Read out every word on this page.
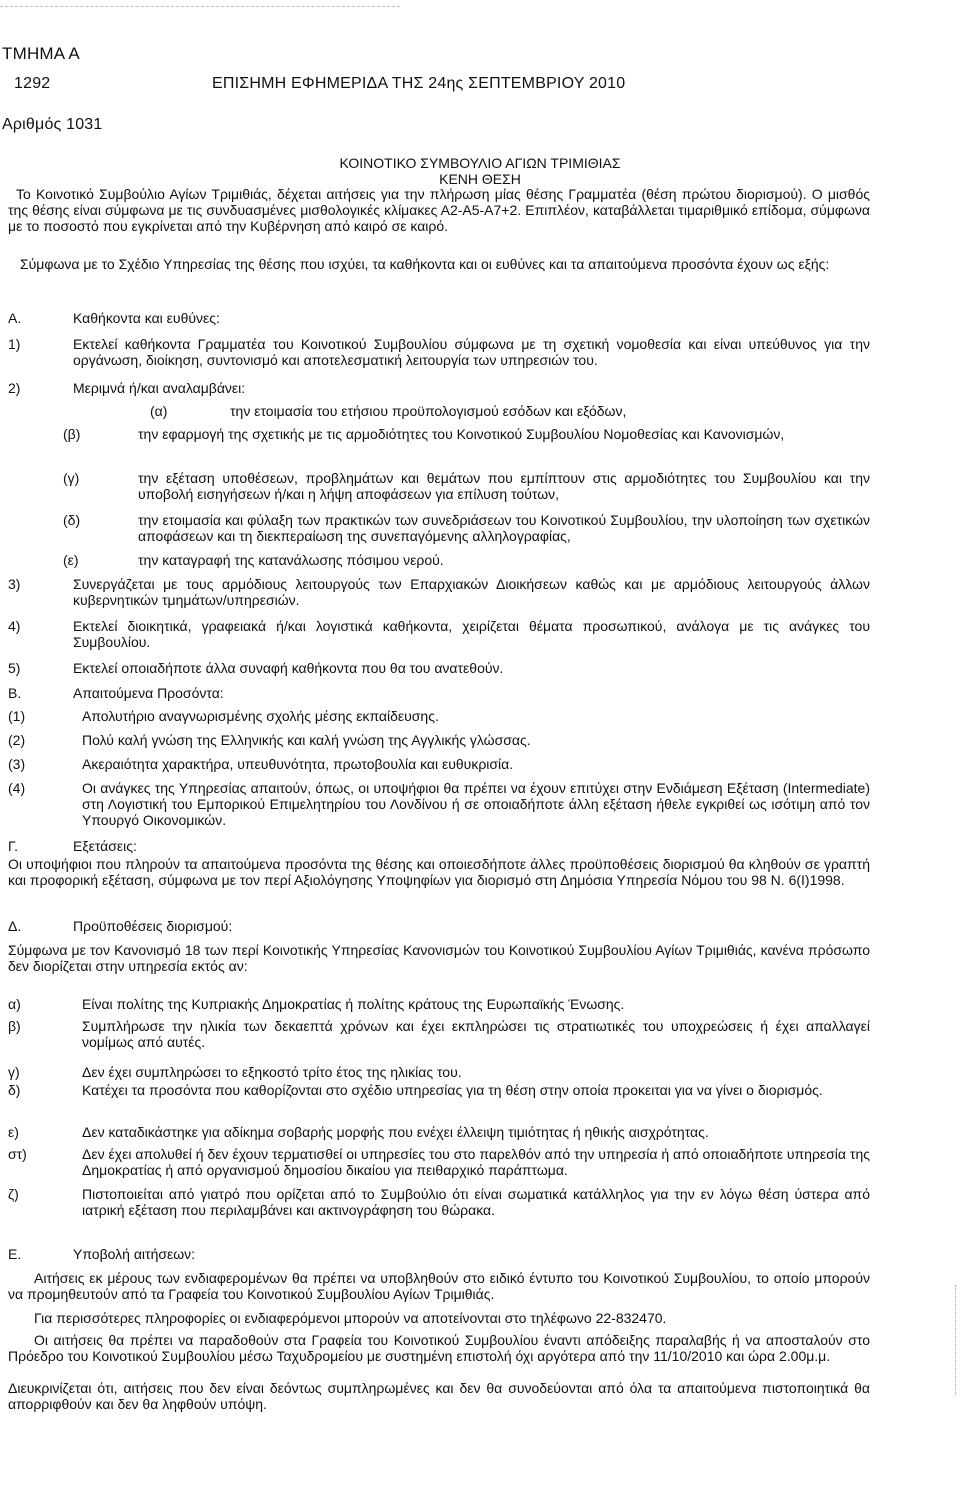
ΤΜΗΜΑ Α
1292	ΕΠΙΣΗΜΗ ΕΦΗΜΕΡΙΔΑ ΤΗΣ 24ης ΣΕΠΤΕΜΒΡΙΟΥ 2010
Αριθμός 1031
ΚΟΙΝΟΤΙΚΟ ΣΥΜΒΟΥΛΙΟ ΑΓΙΩΝ ΤΡΙΜΙΘΙΑΣ
ΚΕΝΗ ΘΕΣΗ
Το Κοινοτικό Συμβούλιο Αγίων Τριμιθιάς, δέχεται αιτήσεις για την πλήρωση μίας θέσης Γραμματέα (θέση πρώτου διορισμού). Ο μισθός της θέσης είναι σύμφωνα με τις συνδυασμένες μισθολογικές κλίμακες Α2-Α5-Α7+2. Επιπλέον, καταβάλλεται τιμαριθμικό επίδομα, σύμφωνα με το ποσοστό που εγκρίνεται από την Κυβέρνηση από καιρό σε καιρό.
Σύμφωνα με το Σχέδιο Υπηρεσίας της θέσης που ισχύει, τα καθήκοντα και οι ευθύνες και τα απαιτούμενα προσόντα έχουν ως εξής:
Α.	Καθήκοντα και ευθύνες:
1)	Εκτελεί καθήκοντα Γραμματέα του Κοινοτικού Συμβουλίου σύμφωνα με τη σχετική νομοθεσία και είναι υπεύθυνος για την οργάνωση, διοίκηση, συντονισμό και αποτελεσματική λειτουργία των υπηρεσιών του.
2)	Μεριμνά ή/και αναλαμβάνει:
(α)	την ετοιμασία του ετήσιου προϋπολογισμού εσόδων και εξόδων,
(β)	την εφαρμογή της σχετικής με τις αρμοδιότητες του Κοινοτικού Συμβουλίου Νομοθεσίας και Κανονισμών,
(γ)	την εξέταση υποθέσεων, προβλημάτων και θεμάτων που εμπίπτουν στις αρμοδιότητες του Συμβουλίου και την υποβολή εισηγήσεων ή/και η λήψη αποφάσεων για επίλυση τούτων,
(δ)	την ετοιμασία και φύλαξη των πρακτικών των συνεδριάσεων του Κοινοτικού Συμβουλίου, την υλοποίηση των σχετικών αποφάσεων και τη διεκπεραίωση της συνεπαγόμενης αλληλογραφίας,
(ε)	την καταγραφή της κατανάλωσης πόσιμου νερού.
3)	Συνεργάζεται με τους αρμόδιους λειτουργούς των Επαρχιακών Διοικήσεων καθώς και με αρμόδιους λειτουργούς άλλων κυβερνητικών τμημάτων/υπηρεσιών.
4)	Εκτελεί διοικητικά, γραφειακά ή/και λογιστικά καθήκοντα, χειρίζεται θέματα προσωπικού, ανάλογα με τις ανάγκες του Συμβουλίου.
5)	Εκτελεί οποιαδήποτε άλλα συναφή καθήκοντα που θα του ανατεθούν.
Β.	Απαιτούμενα Προσόντα:
(1)	Απολυτήριο αναγνωρισμένης σχολής μέσης εκπαίδευσης.
(2)	Πολύ καλή γνώση της Ελληνικής και καλή γνώση της Αγγλικής γλώσσας.
(3)	Ακεραιότητα χαρακτήρα, υπευθυνότητα, πρωτοβουλία και ευθυκρισία.
(4)	Οι ανάγκες της Υπηρεσίας απαιτούν, όπως, οι υποψήφιοι θα πρέπει να έχουν επιτύχει στην Ενδιάμεση Εξέταση (Intermediate) στη Λογιστική του Εμπορικού Επιμελητηρίου του Λονδίνου ή σε οποιαδήποτε άλλη εξέταση ήθελε εγκριθεί ως ισότιμη από τον Υπουργό Οικονομικών.
Γ.	Εξετάσεις:
Οι υποψήφιοι που πληρούν τα απαιτούμενα προσόντα της θέσης και οποιεσδήποτε άλλες προϋποθέσεις διορισμού θα κληθούν σε γραπτή και προφορική εξέταση, σύμφωνα με τον περί Αξιολόγησης Υποψηφίων για διορισμό στη Δημόσια Υπηρεσία Νόμου του 98 Ν. 6(Ι)1998.
Δ.	Προϋποθέσεις διορισμού:
Σύμφωνα με τον Κανονισμό 18 των περί Κοινοτικής Υπηρεσίας Κανονισμών του Κοινοτικού Συμβουλίου Αγίων Τριμιθιάς, κανένα πρόσωπο δεν διορίζεται στην υπηρεσία εκτός αν:
α)	Είναι πολίτης της Κυπριακής Δημοκρατίας ή πολίτης κράτους της Ευρωπαϊκής Ένωσης.
β)	Συμπλήρωσε την ηλικία των δεκαεπτά χρόνων και έχει εκπληρώσει τις στρατιωτικές του υποχρεώσεις ή έχει απαλλαγεί νομίμως από αυτές.
γ)	Δεν έχει συμπληρώσει το εξηκοστό τρίτο έτος της ηλικίας του.
δ)	Κατέχει τα προσόντα που καθορίζονται στο σχέδιο υπηρεσίας για τη θέση στην οποία προκειται για να γίνει ο διορισμός.
ε)	Δεν καταδικάστηκε για αδίκημα σοβαρής μορφής που ενέχει έλλειψη τιμιότητας ή ηθικής αισχρότητας.
στ)	Δεν έχει απολυθεί ή δεν έχουν τερματισθεί οι υπηρεσίες του στο παρελθόν από την υπηρεσία ή από οποιαδήποτε υπηρεσία της Δημοκρατίας ή από οργανισμού δημοσίου δικαίου για πειθαρχικό παράπτωμα.
ζ)	Πιστοποιείται από γιατρό που ορίζεται από το Συμβούλιο ότι είναι σωματικά κατάλληλος για την εν λόγω θέση ύστερα από ιατρική εξέταση που περιλαμβάνει και ακτινογράφηση του θώρακα.
Ε.	Υποβολή αιτήσεων:
Αιτήσεις εκ μέρους των ενδιαφερομένων θα πρέπει να υποβληθούν στο ειδικό έντυπο του Κοινοτικού Συμβουλίου, το οποίο μπορούν να προμηθευτούν από τα Γραφεία του Κοινοτικού Συμβουλίου Αγίων Τριμιθιάς.
Για περισσότερες πληροφορίες οι ενδιαφερόμενοι μπορούν να αποτείνονται στο τηλέφωνο 22-832470.
Οι αιτήσεις θα πρέπει να παραδοθούν στα Γραφεία του Κοινοτικού Συμβουλίου έναντι απόδειξης παραλαβής ή να αποσταλούν στο Πρόεδρο του Κοινοτικού Συμβουλίου μέσω Ταχυδρομείου με συστημένη επιστολή όχι αργότερα από την 11/10/2010 και ώρα 2.00μ.μ.
Διευκρινίζεται ότι, αιτήσεις που δεν είναι δεόντως συμπληρωμένες και δεν θα συνοδεύονται από όλα τα απαιτούμενα πιστοποιητικά θα απορριφθούν και δεν θα ληφθούν υπόψη.
